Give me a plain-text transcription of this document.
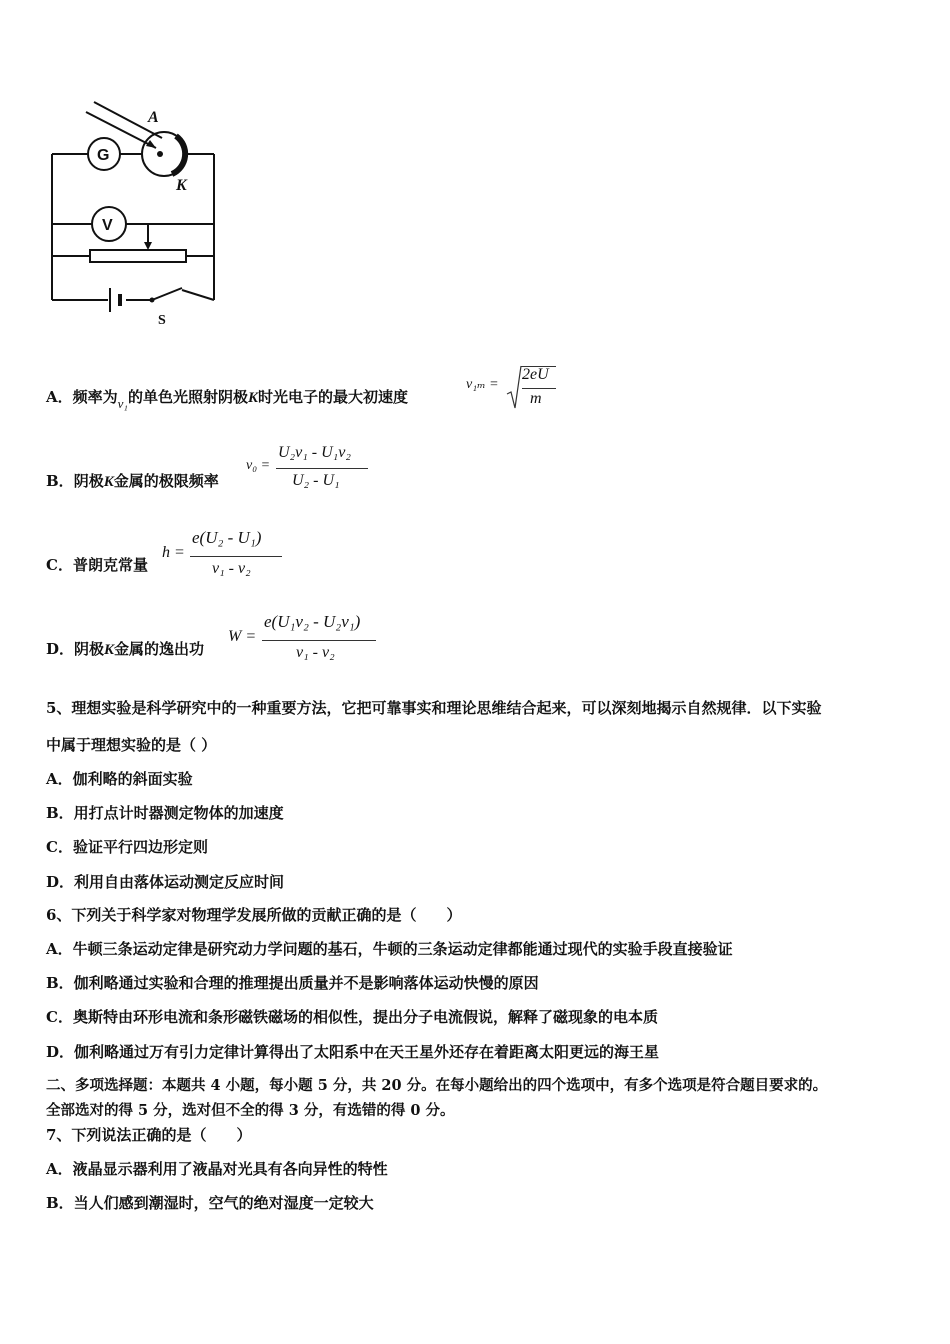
G
A
K
V
S
A．频率为v₁的单色光照射阴极K时光电子的最大初速度
v₁ₘ =
2eU
m
B．阴极K金属的极限频率
v₀ =
U₂v₁ - U₁v₂
U₂ - U₁
C．普朗克常量
h =
e(U₂ - U₁)
v₁ - v₂
D．阴极K金属的逸出功
W =
e(U₁v₂ - U₂v₁)
v₁ - v₂
5、理想实验是科学研究中的一种重要方法，它把可靠事实和理论思维结合起来，可以深刻地揭示自然规律．以下实验
中属于理想实验的是（ ）
A．伽利略的斜面实验
B．用打点计时器测定物体的加速度
C．验证平行四边形定则
D．利用自由落体运动测定反应时间
6、下列关于科学家对物理学发展所做的贡献正确的是（　　）
A．牛顿三条运动定律是研究动力学问题的基石，牛顿的三条运动定律都能通过现代的实验手段直接验证
B．伽利略通过实验和合理的推理提出质量并不是影响落体运动快慢的原因
C．奥斯特由环形电流和条形磁铁磁场的相似性，提出分子电流假说，解释了磁现象的电本质
D．伽利略通过万有引力定律计算得出了太阳系中在天王星外还存在着距离太阳更远的海王星
二、多项选择题：本题共 4 小题，每小题 5 分，共 20 分。在每小题给出的四个选项中，有多个选项是符合题目要求的。
全部选对的得 5 分，选对但不全的得 3 分，有选错的得 0 分。
7、下列说法正确的是（　　）
A．液晶显示器利用了液晶对光具有各向异性的特性
B．当人们感到潮湿时，空气的绝对湿度一定较大
